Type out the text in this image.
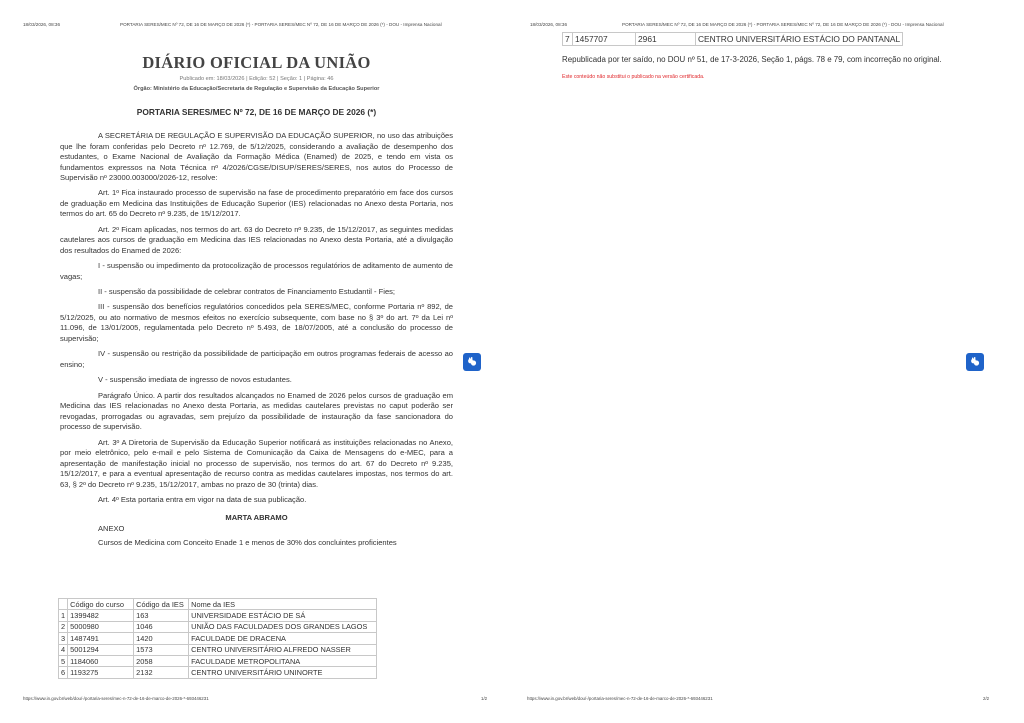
18/03/2026, 08:36	PORTARIA SERES/MEC Nº 72, DE 16 DE MARÇO DE 2026 (*) - PORTARIA SERES/MEC Nº 72, DE 16 DE MARÇO DE 2026 (*) - DOU - Imprensa Nacional
DIÁRIO OFICIAL DA UNIÃO
Publicado em: 18/03/2026 | Edição: 52 | Seção: 1 | Página: 46
Órgão: Ministério da Educação/Secretaria de Regulação e Supervisão da Educação Superior
PORTARIA SERES/MEC Nº 72, DE 16 DE MARÇO DE 2026 (*)

A SECRETÁRIA DE REGULAÇÃO E SUPERVISÃO DA EDUCAÇÃO SUPERIOR, no uso das atribuições que lhe foram conferidas pelo Decreto nº 12.769, de 5/12/2025, considerando a avaliação de desempenho dos estudantes, o Exame Nacional de Avaliação da Formação Médica (Enamed) de 2025, e tendo em vista os fundamentos expressos na Nota Técnica nº 4/2026/CGSE/DISUP/SERES/SERES, nos autos do Processo de Supervisão nº 23000.003000/2026-12, resolve:

Art. 1º Fica instaurado processo de supervisão na fase de procedimento preparatório em face dos cursos de graduação em Medicina das Instituições de Educação Superior (IES) relacionadas no Anexo desta Portaria, nos termos do art. 65 do Decreto nº 9.235, de 15/12/2017.

Art. 2º Ficam aplicadas, nos termos do art. 63 do Decreto nº 9.235, de 15/12/2017, as seguintes medidas cautelares aos cursos de graduação em Medicina das IES relacionadas no Anexo desta Portaria, até a divulgação dos resultados do Enamed de 2026:

I - suspensão ou impedimento da protocolização de processos regulatórios de aditamento de aumento de vagas;

II - suspensão da possibilidade de celebrar contratos de Financiamento Estudantil - Fies;

III - suspensão dos benefícios regulatórios concedidos pela SERES/MEC, conforme Portaria nº 892, de 5/12/2025, ou ato normativo de mesmos efeitos no exercício subsequente, com base no § 3º do art. 7º da Lei nº 11.096, de 13/01/2005, regulamentada pelo Decreto nº 5.493, de 18/07/2005, até a conclusão do processo de supervisão;

IV - suspensão ou restrição da possibilidade de participação em outros programas federais de acesso ao ensino;

V - suspensão imediata de ingresso de novos estudantes.

Parágrafo Único. A partir dos resultados alcançados no Enamed de 2026 pelos cursos de graduação em Medicina das IES relacionadas no Anexo desta Portaria, as medidas cautelares previstas no caput poderão ser revogadas, prorrogadas ou agravadas, sem prejuízo da possibilidade de instauração da fase sancionadora do processo de supervisão.

Art. 3º A Diretoria de Supervisão da Educação Superior notificará as instituições relacionadas no Anexo, por meio eletrônico, pelo e-mail e pelo Sistema de Comunicação da Caixa de Mensagens do e-MEC, para a apresentação de manifestação inicial no processo de supervisão, nos termos do art. 67 do Decreto nº 9.235, 15/12/2017, e para a eventual apresentação de recurso contra as medidas cautelares impostas, nos termos do art. 63, § 2º do Decreto nº 9.235, 15/12/2017, ambas no prazo de 30 (trinta) dias.

Art. 4º Esta portaria entra em vigor na data de sua publicação.

MARTA ABRAMO

ANEXO

Cursos de Medicina com Conceito Enade 1 e menos de 30% dos concluintes proficientes

	Código do curso	Código da IES	Nome da IES
1	1399482	163	UNIVERSIDADE ESTÁCIO DE SÁ
2	5000980	1046	UNIÃO DAS FACULDADES DOS GRANDES LAGOS
3	1487491	1420	FACULDADE DE DRACENA
4	5001294	1573	CENTRO UNIVERSITÁRIO ALFREDO NASSER
5	1184060	2058	FACULDADE METROPOLITANA
6	1193275	2132	CENTRO UNIVERSITÁRIO UNINORTE
https://www.in.gov.br/web/dou/-/portaria-seres/mec-n-72-de-16-de-marco-de-2026-*-693446231	1/2
18/03/2026, 08:36	PORTARIA SERES/MEC Nº 72, DE 16 DE MARÇO DE 2026 (*) - PORTARIA SERES/MEC Nº 72, DE 16 DE MARÇO DE 2026 (*) - DOU - Imprensa Nacional
7	1457707	2961	CENTRO UNIVERSITÁRIO ESTÁCIO DO PANTANAL
Republicada por ter saído, no DOU nº 51, de 17-3-2026, Seção 1, págs. 78 e 79, com incorreção no original.
Este conteúdo não substitui o publicado na versão certificada.
https://www.in.gov.br/web/dou/-/portaria-seres/mec-n-72-de-16-de-marco-de-2026-*-693446231	2/2
